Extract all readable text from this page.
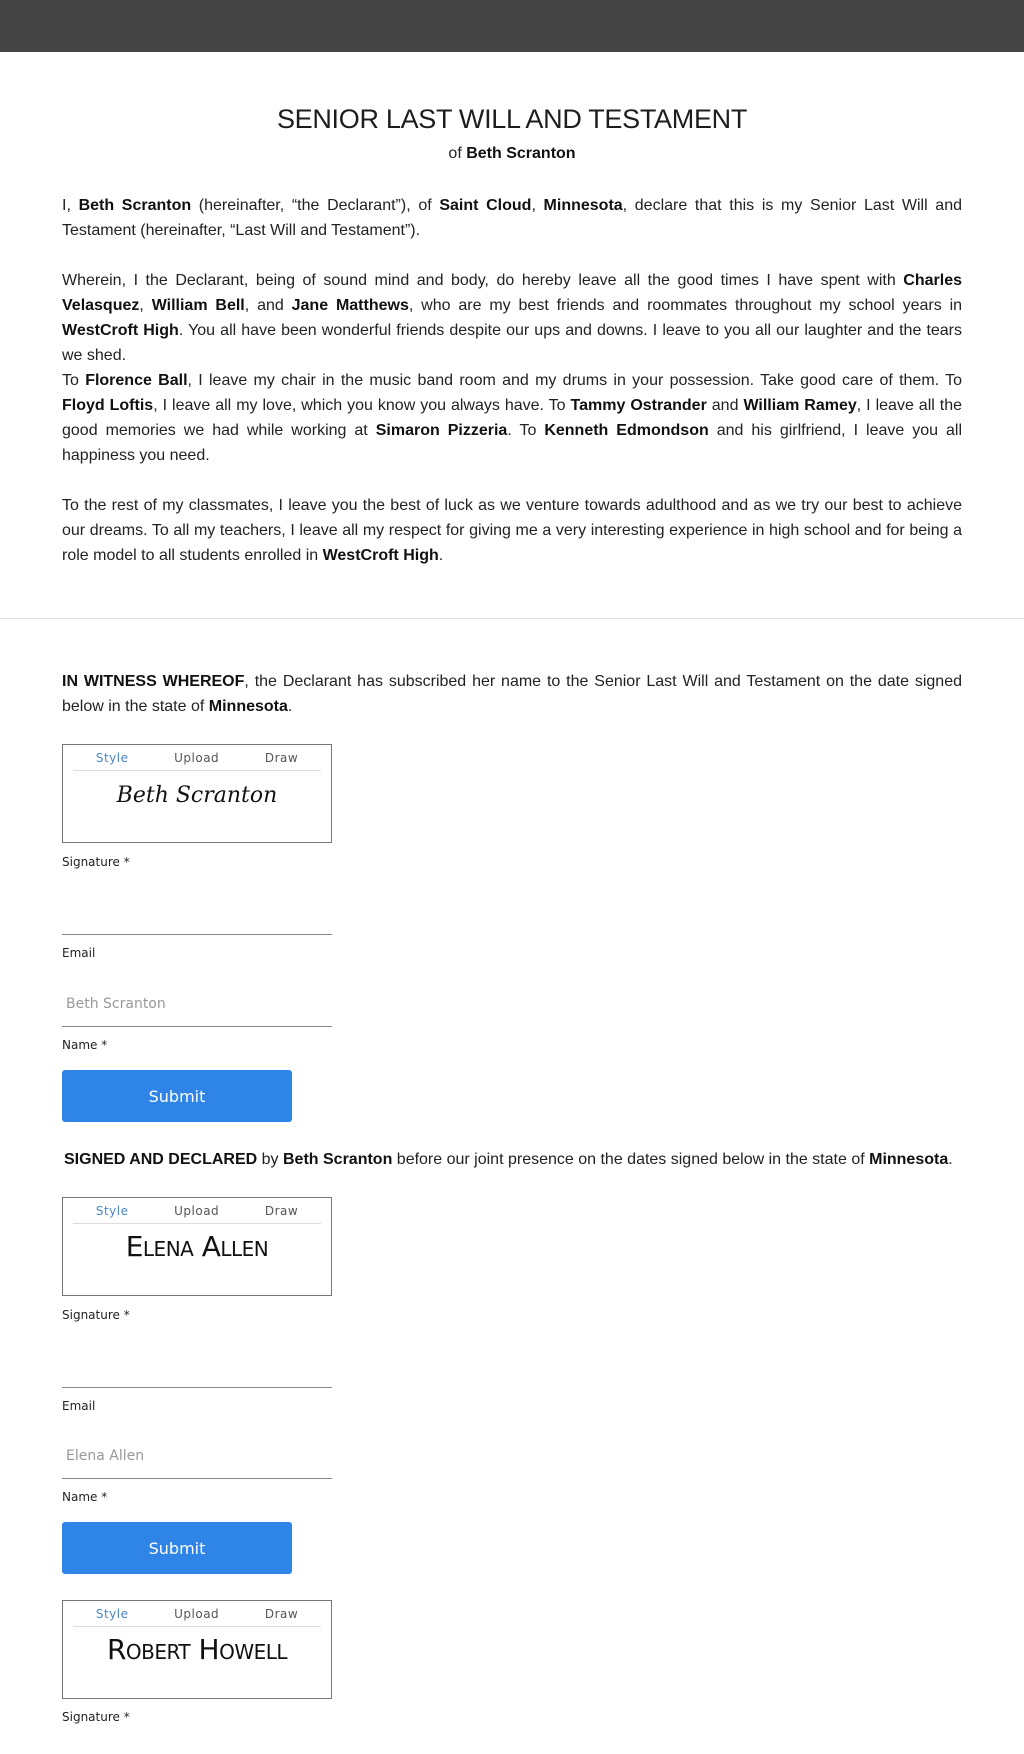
SENIOR LAST WILL AND TESTAMENT
of Beth Scranton
I, Beth Scranton (hereinafter, “the Declarant”), of Saint Cloud, Minnesota, declare that this is my Senior Last Will and Testament (hereinafter, “Last Will and Testament”).
Wherein, I the Declarant, being of sound mind and body, do hereby leave all the good times I have spent with Charles Velasquez, William Bell, and Jane Matthews, who are my best friends and roommates throughout my school years in WestCroft High. You all have been wonderful friends despite our ups and downs. I leave to you all our laughter and the tears we shed.
To Florence Ball, I leave my chair in the music band room and my drums in your possession. Take good care of them. To Floyd Loftis, I leave all my love, which you know you always have. To Tammy Ostrander and William Ramey, I leave all the good memories we had while working at Simaron Pizzeria. To Kenneth Edmondson and his girlfriend, I leave you all happiness you need.
To the rest of my classmates, I leave you the best of luck as we venture towards adulthood and as we try our best to achieve our dreams. To all my teachers, I leave all my respect for giving me a very interesting experience in high school and for being a role model to all students enrolled in WestCroft High.
IN WITNESS WHEREOF, the Declarant has subscribed her name to the Senior Last Will and Testament on the date signed below in the state of Minnesota.
Style	Upload	Draw
Beth Scranton
Signature *
Email
Beth Scranton
Name *
Submit
SIGNED AND DECLARED by Beth Scranton before our joint presence on the dates signed below in the state of Minnesota.
Style	Upload	Draw
Elena Allen
Signature *
Email
Elena Allen
Name *
Submit
Style	Upload	Draw
Robert Howell
Signature *
